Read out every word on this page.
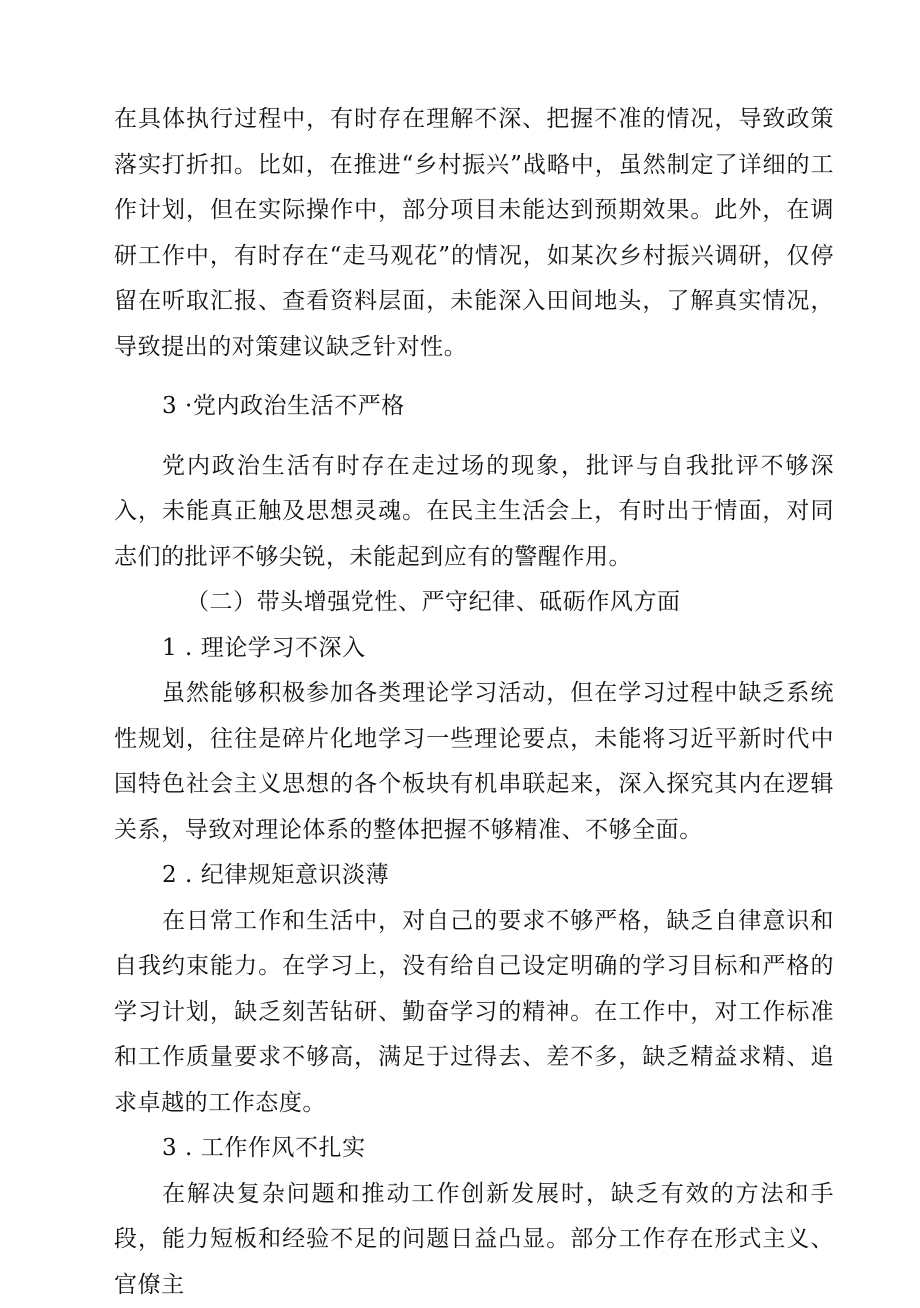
在具体执行过程中，有时存在理解不深、把握不准的情况，导致政策落实打折扣。比如，在推进“乡村振兴”战略中，虽然制定了详细的工作计划，但在实际操作中，部分项目未能达到预期效果。此外，在调研工作中，有时存在“走马观花”的情况，如某次乡村振兴调研，仅停留在听取汇报、查看资料层面，未能深入田间地头，了解真实情况，导致提出的对策建议缺乏针对性。

3 ·党内政治生活不严格

党内政治生活有时存在走过场的现象，批评与自我批评不够深入，未能真正触及思想灵魂。在民主生活会上，有时出于情面，对同志们的批评不够尖锐，未能起到应有的警醒作用。

（二）带头增强党性、严守纪律、砥砺作风方面

1 . 理论学习不深入

虽然能够积极参加各类理论学习活动，但在学习过程中缺乏系统性规划，往往是碎片化地学习一些理论要点，未能将习近平新时代中国特色社会主义思想的各个板块有机串联起来，深入探究其内在逻辑关系，导致对理论体系的整体把握不够精准、不够全面。

2 . 纪律规矩意识淡薄

在日常工作和生活中，对自己的要求不够严格，缺乏自律意识和自我约束能力。在学习上，没有给自己设定明确的学习目标和严格的学习计划，缺乏刻苦钻研、勤奋学习的精神。在工作中，对工作标准和工作质量要求不够高，满足于过得去、差不多，缺乏精益求精、追求卓越的工作态度。

3 . 工作作风不扎实

在解决复杂问题和推动工作创新发展时，缺乏有效的方法和手段，能力短板和经验不足的问题日益凸显。部分工作存在形式主义、官僚主
